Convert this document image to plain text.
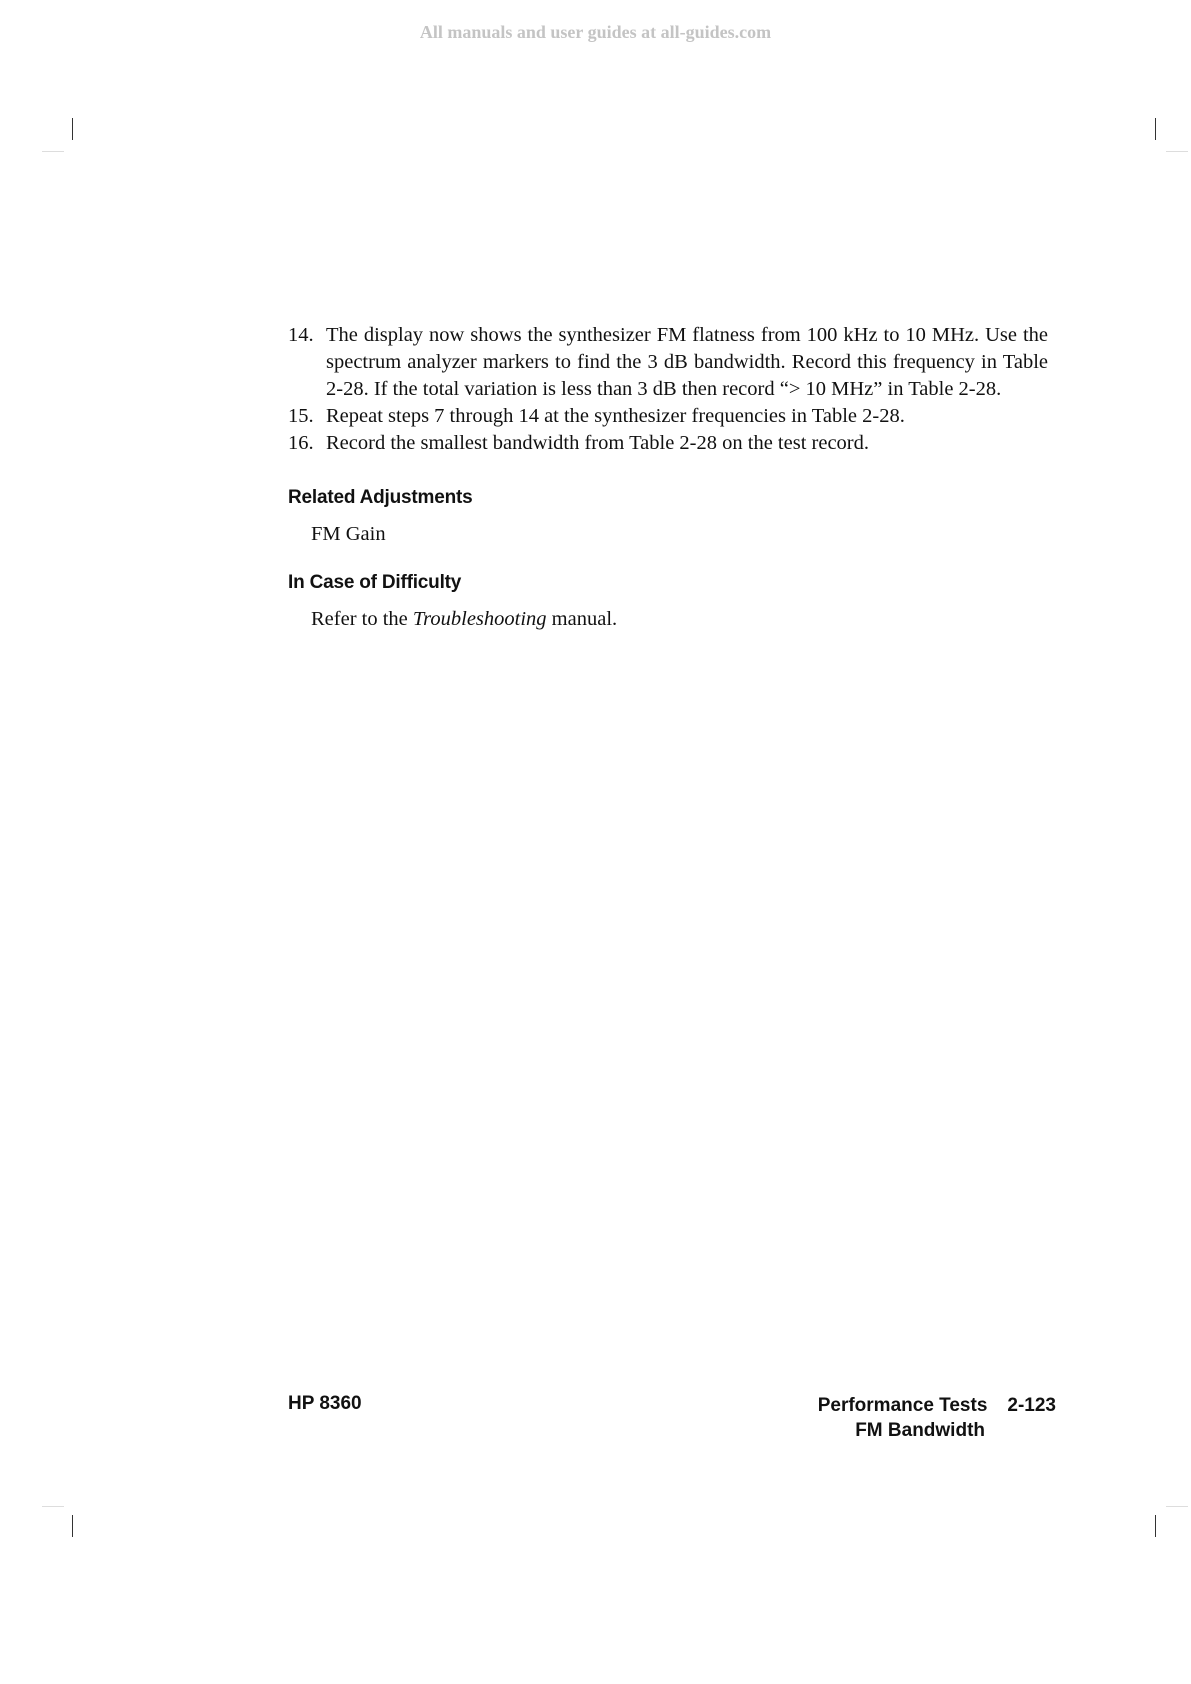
All manuals and user guides at all-guides.com
14. The display now shows the synthesizer FM flatness from 100 kHz to 10 MHz. Use the spectrum analyzer markers to find the 3 dB bandwidth. Record this frequency in Table 2-28. If the total variation is less than 3 dB then record “> 10 MHz” in Table 2-28.
15. Repeat steps 7 through 14 at the synthesizer frequencies in Table 2-28.
16. Record the smallest bandwidth from Table 2-28 on the test record.
Related Adjustments

FM Gain

In Case of Difficulty

Refer to the Troubleshooting manual.

HP 8360	Performance Tests 2-123
FM Bandwidth
